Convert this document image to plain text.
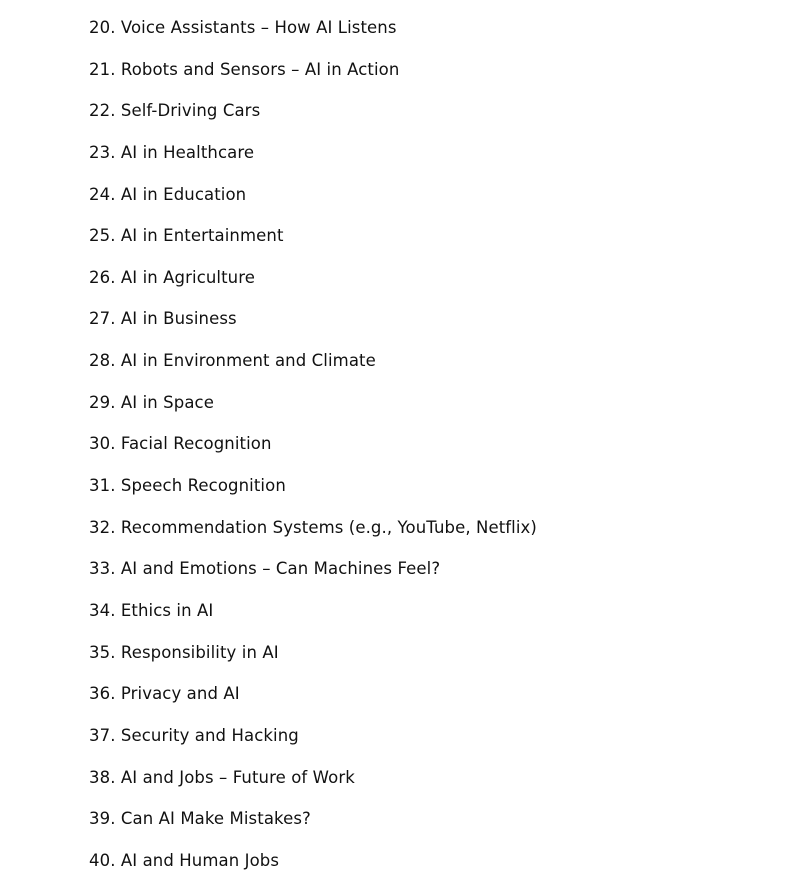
20. Voice Assistants – How AI Listens
21. Robots and Sensors – AI in Action
22. Self-Driving Cars
23. AI in Healthcare
24. AI in Education
25. AI in Entertainment
26. AI in Agriculture
27. AI in Business
28. AI in Environment and Climate
29. AI in Space
30. Facial Recognition
31. Speech Recognition
32. Recommendation Systems (e.g., YouTube, Netflix)
33. AI and Emotions – Can Machines Feel?
34. Ethics in AI
35. Responsibility in AI
36. Privacy and AI
37. Security and Hacking
38. AI and Jobs – Future of Work
39. Can AI Make Mistakes?
40. AI and Human Jobs
